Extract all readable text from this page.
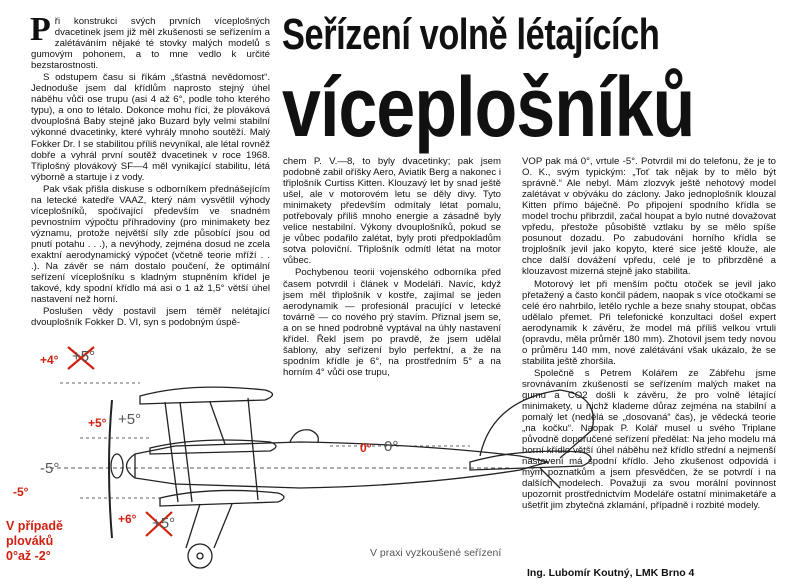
Seřízení volně létajících
víceplošníků

Při konstrukci svých prvních víceplošných dvacetinek jsem již měl zkušenosti se seřízením a zalétáváním nějaké té stovky malých modelů s gumovým pohonem, a to mne vedlo k určité bezstarostnosti.

S odstupem času si říkám „šťastná nevědomost“. Jednoduše jsem dal křídlům naprosto stejný úhel náběhu vůči ose trupu (asi 4 až 6°, podle toho kterého typu), a ono to létalo. Dokonce mohu říci, že plováková dvouplošná Baby stejně jako Buzard byly velmi stabilní výkonné dvacetinky, které vyhrály mnoho soutěží. Malý Fokker Dr. I se stabilitou příliš nevyníkal, ale létal rovněž dobře a vyhrál první soutěž dvacetinek v roce 1968. Třiplošný plovákový SF—4 měl vynikající stabilitu, létá výborně a startuje i z vody.

Pak však přišla diskuse s odborníkem přednášejícím na letecké katedře VAAZ, který nám vysvětlil výhody víceplošníků, spočívající především ve snadném pevnostním výpočtu příhradoviny (pro minimakety bez významu, protože největší síly zde působící jsou od pnutí potahu . . .), a nevýhody, zejména dosud ne zcela exaktní aerodynamický výpočet (včetně teorie mříží . . .). Na závěr se nám dostalo poučení, že optimální seřízení víceplošníku s kladným stupněním křídel je takové, kdy spodní křídlo má asi o 1 až 1,5° větší úhel nastavení než horní.

Poslušen vědy postavil jsem téměř nelétající dvouplošník Fokker D. VI, syn s podobným úspě-

chem P. V.—8, to byly dvacetinky; pak jsem podobně zabil oříšky Aero, Aviatik Berg a nakonec i třiplošník Curtiss Kitten. Klouzavý let by snad ještě ušel, ale v motorovém letu se děly divy. Tyto minimakety především odmítaly létat pomalu, potřebovaly příliš mnoho energie a zásadně byly velice nestabilní. Výkony dvouplošníků, pokud se je vůbec podařilo zalétat, byly proti předpokladům sotva poloviční. Třiplošník odmítl létat na motor vůbec.

Pochybenou teorii vojenského odborníka před časem potvrdil i článek v Modeláři. Navíc, když jsem měl třiplošník v kostře, zajímal se jeden aerodynamik — profesionál pracující v letecké továrně — co nového prý stavím. Přiznal jsem se, a on se hned podrobně vyptával na úhly nastavení křídel. Řekl jsem po pravdě, že jsem udělal šablony, aby seřízení bylo perfektní, a že na spodním křídle je 6°, na prostředním 5° a na horním 4° vůči ose trupu,

VOP pak má 0°, vrtule -5°. Potvrdil mi do telefonu, že je to O. K., svým typickým: „Toť tak nějak by to mělo být správně.“ Ale nebyl. Mám zlozvyk ještě nehotový model zalétávat v obýváku do záclony. Jako jednoplošník klouzal Kitten přímo báječně. Po připojení spodního křídla se model trochu přibrzdil, začal houpat a bylo nutné dovažovat vpředu, přestože působiště vztlaku by se mělo spíše posunout dozadu. Po zabudování horního křídla se trojplošník jevil jako kopyto, které sice ještě klouže, ale chce další dovážení vpředu, celé je to přibrzděné a klouzavost mizerná stejně jako stabilita.

Motorový let při menším počtu otoček se jevil jako přetažený a často končil pádem, naopak s více otočkami se celé éro nahrbilo, letělo rychle a beze snahy stoupat, občas udělalo přemet. Při telefonické konzultaci došel expert aerodynamik k závěru, že model má příliš velkou vrtuli (opravdu, měla průměr 180 mm). Zhotovil jsem tedy novou o průměru 140 mm, nové zalétávání však ukázalo, že se stabilita ještě zhoršila.

Společně s Petrem Kolářem ze Zábřehu jsme srovnávaním zkušeností se seřízením malých maket na gumu a CO2 došli k závěru, že pro volně létající minimakety, u nichž klademe důraz zejména na stabilní a pomalý let (nedělá se „dosovaná“ čas), je vědecká teorie „na kočku“. Naopak P. Kolář musel u svého Triplane původně doporučené seřízení předělat: Na jeho modelu má horní křídlo větší úhel náběhu než křídlo střední a nejmenší nastavení má spodní křídlo. Jeho zkušenost odpovídá i mým poznatkům a jsem přesvědčen, že se potvrdí i na dalších modelech. Považuji za svou morální povinnost upozornit prostřednictvím Modeláře ostatní minimaketáře a ušetřit jim zbytečná zklamání, případně i rozbité modely.

+5°
+5°
-5°
+5°
0°
+4°
+5°
-5°
+6°
0°
V případě
plováků
0°až -2°	V praxi vyzkoušené seřízení
Ing. Lubomír Koutný, LMK Brno 4
